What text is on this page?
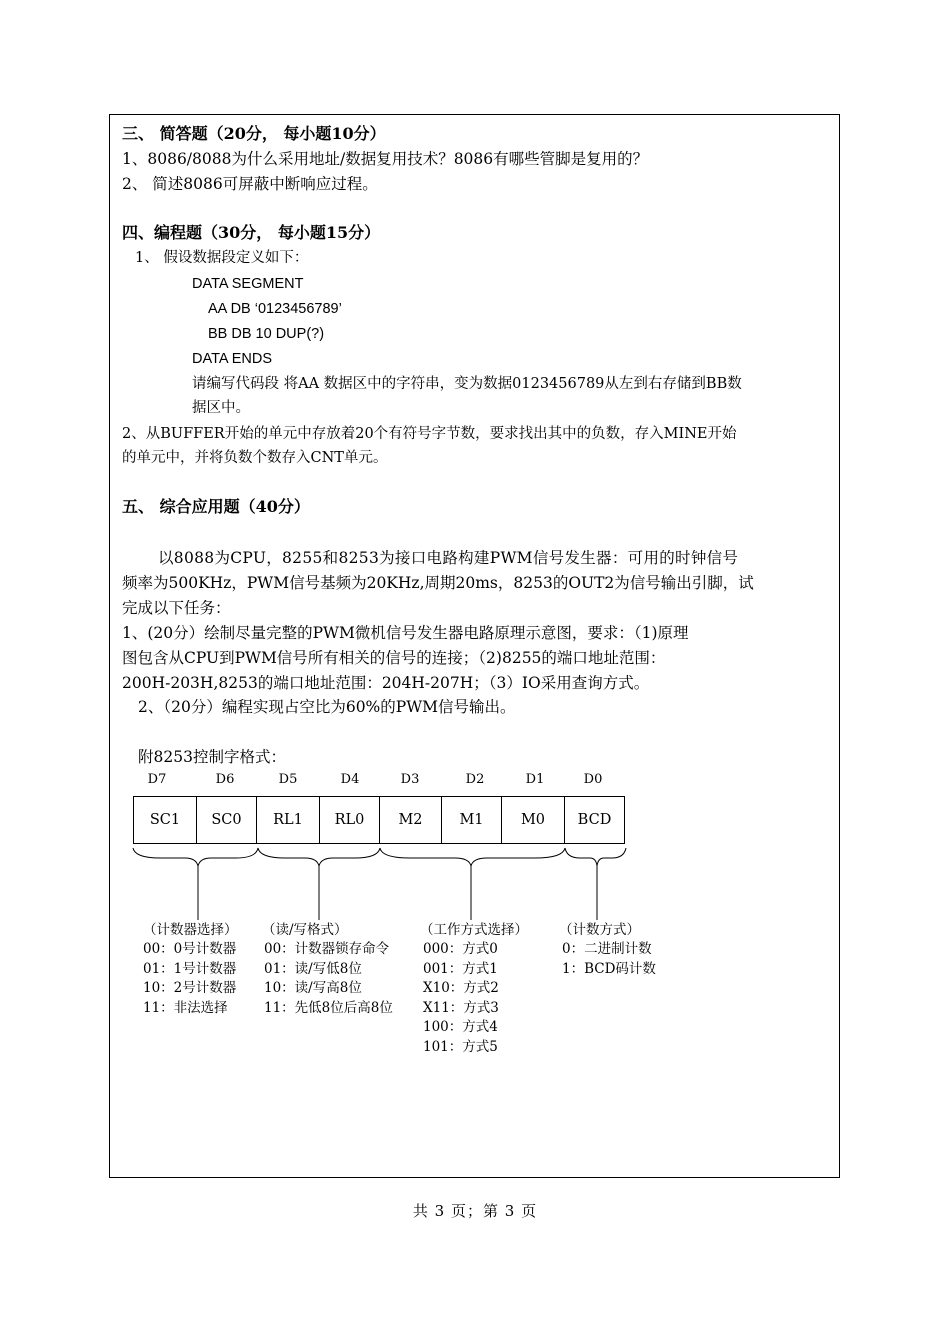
三、 简答题（20分， 每小题10分）
1、8086/8088为什么采用地址/数据复用技术？8086有哪些管脚是复用的？
2、 简述8086可屏蔽中断响应过程。
四、编程题（30分， 每小题15分）
1、 假设数据段定义如下：
DATA SEGMENT
AA DB ‘0123456789’
BB DB 10 DUP(?)
DATA ENDS
请编写代码段 将AA 数据区中的字符串，变为数据0123456789从左到右存储到BB数
据区中。
2、从BUFFER开始的单元中存放着20个有符号字节数，要求找出其中的负数，存入MINE开始
的单元中，并将负数个数存入CNT单元。
五、 综合应用题（40分）
以8088为CPU，8255和8253为接口电路构建PWM信号发生器：可用的时钟信号
频率为500KHz，PWM信号基频为20KHz,周期20ms，8253的OUT2为信号输出引脚，试
完成以下任务：
1、(20分）绘制尽量完整的PWM微机信号发生器电路原理示意图，要求：（1)原理
图包含从CPU到PWM信号所有相关的信号的连接；（2)8255的端口地址范围：
200H-203H,8253的端口地址范围：204H-207H；（3）IO采用查询方式。
2、（20分）编程实现占空比为60%的PWM信号输出。
附8253控制字格式：
D7	D6	D5	D4	D3	D2	D1	D0
SC1	SC0	RL1	RL0	M2	M1	M0	BCD
（计数器选择）
00：0号计数器
01：1号计数器
10：2号计数器
11：非法选择
（读/写格式）
00：计数器锁存命令
01：读/写低8位
10：读/写高8位
11：先低8位后高8位
（工作方式选择）
000：方式0
001：方式1
X10：方式2
X11：方式3
100：方式4
101：方式5
（计数方式）
0：二进制计数
1：BCD码计数
共 3 页；第 3 页
